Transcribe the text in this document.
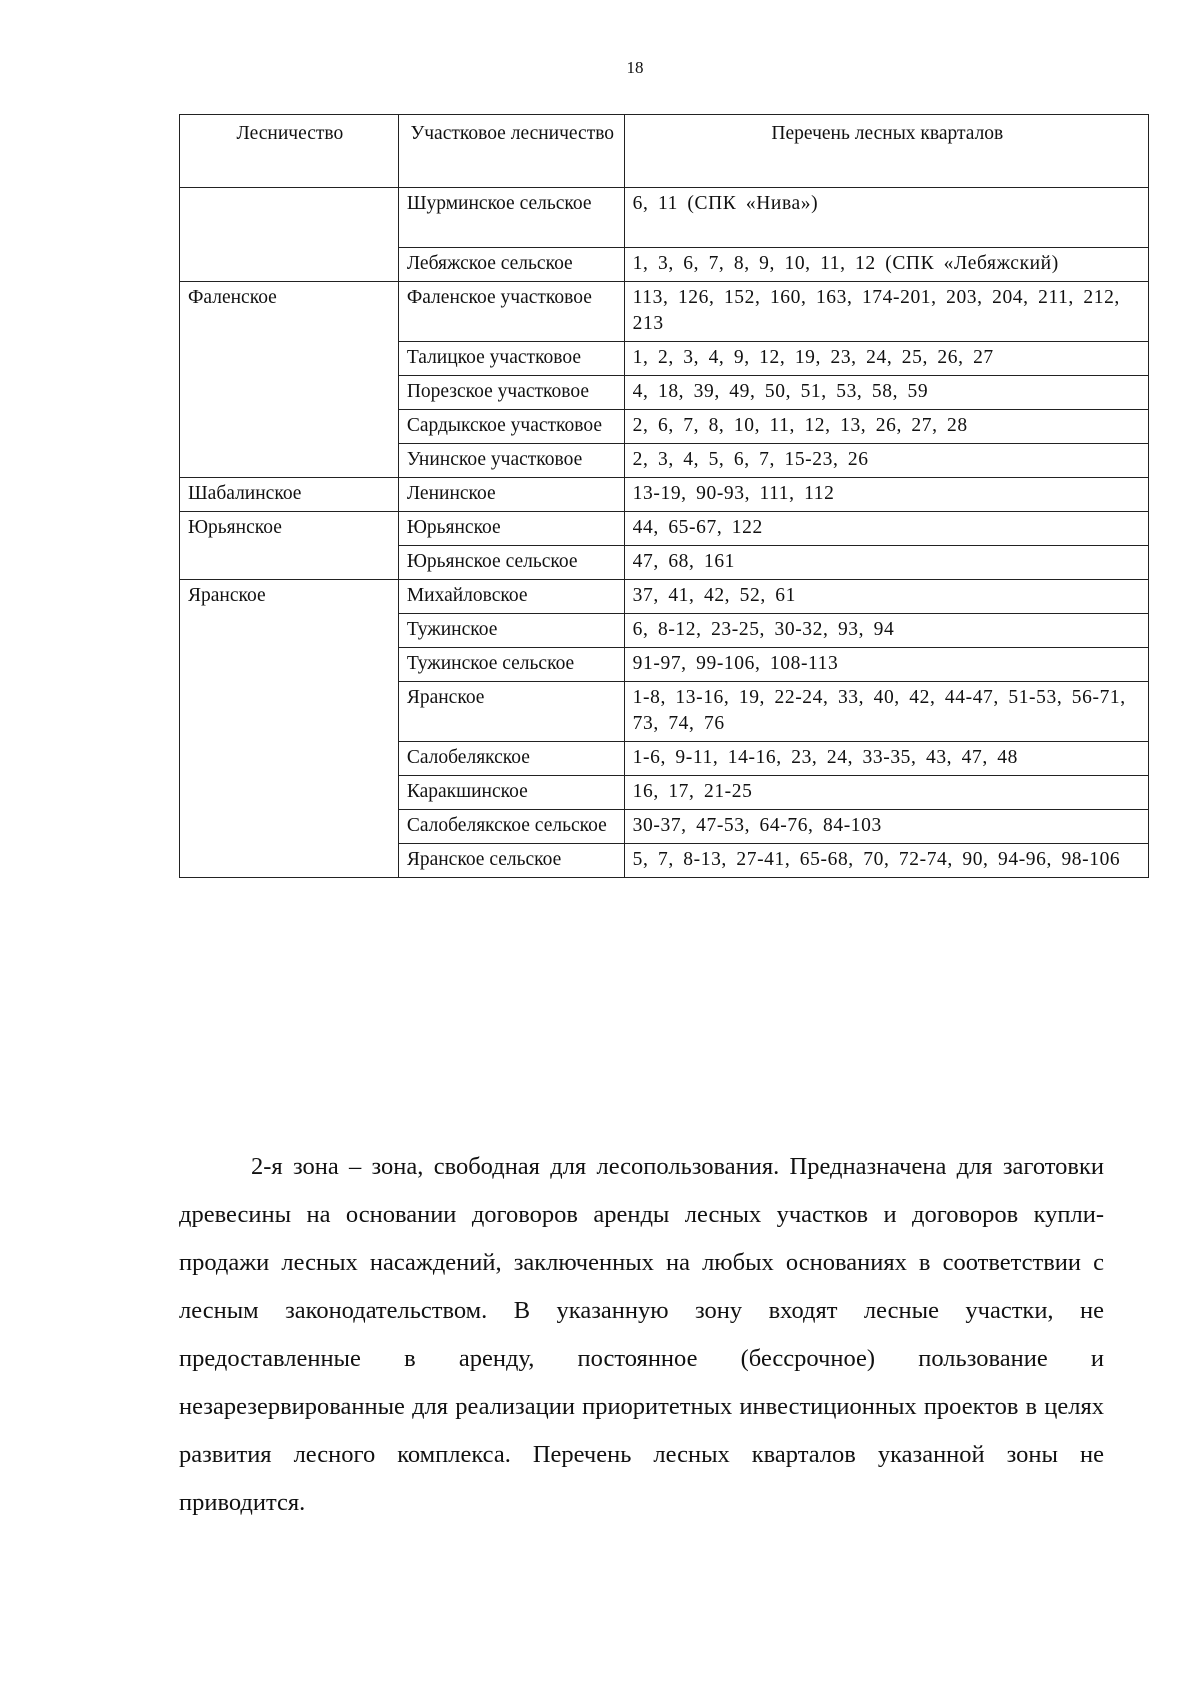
18
Лесничество	Участковое лесничество	Перечень лесных кварталов
	Шурминское сельское	6, 11 (СПК «Нива»)
	Лебяжское сельское	1, 3, 6, 7, 8, 9, 10, 11, 12 (СПК «Лебяжский)
Фаленское	Фаленское участковое	113, 126, 152, 160, 163, 174-201, 203, 204, 211, 212, 213
	Талицкое участковое	1, 2, 3, 4, 9, 12, 19, 23, 24, 25, 26, 27
	Порезское участковое	4, 18, 39, 49, 50, 51, 53, 58, 59
	Сардыкское участковое	2, 6, 7, 8, 10, 11, 12, 13, 26, 27, 28
	Унинское участковое	2, 3, 4, 5, 6, 7, 15-23, 26
Шабалинское	Ленинское	13-19, 90-93, 111, 112
Юрьянское	Юрьянское	44, 65-67, 122
	Юрьянское сельское	47, 68, 161
Яранское	Михайловское	37, 41, 42, 52, 61
	Тужинское	6, 8-12, 23-25, 30-32, 93, 94
	Тужинское сельское	91-97, 99-106, 108-113
	Яранское	1-8, 13-16, 19, 22-24, 33, 40, 42, 44-47, 51-53, 56-71, 73, 74, 76
	Салобелякское	1-6, 9-11, 14-16, 23, 24, 33-35, 43, 47, 48
	Каракшинское	16, 17, 21-25
	Салобелякское сельское	30-37, 47-53, 64-76, 84-103
	Яранское сельское	5, 7, 8-13, 27-41, 65-68, 70, 72-74, 90, 94-96, 98-106

2-я зона – зона, свободная для лесопользования. Предназначена для заготовки древесины на основании договоров аренды лесных участков и договоров купли-продажи лесных насаждений, заключенных на любых основаниях в соответствии с лесным законодательством. В указанную зону входят лесные участки, не предоставленные в аренду, постоянное (бессрочное) пользование и незарезервированные для реализации приоритетных инвестиционных проектов в целях развития лесного комплекса. Перечень лесных кварталов указанной зоны не приводится.
